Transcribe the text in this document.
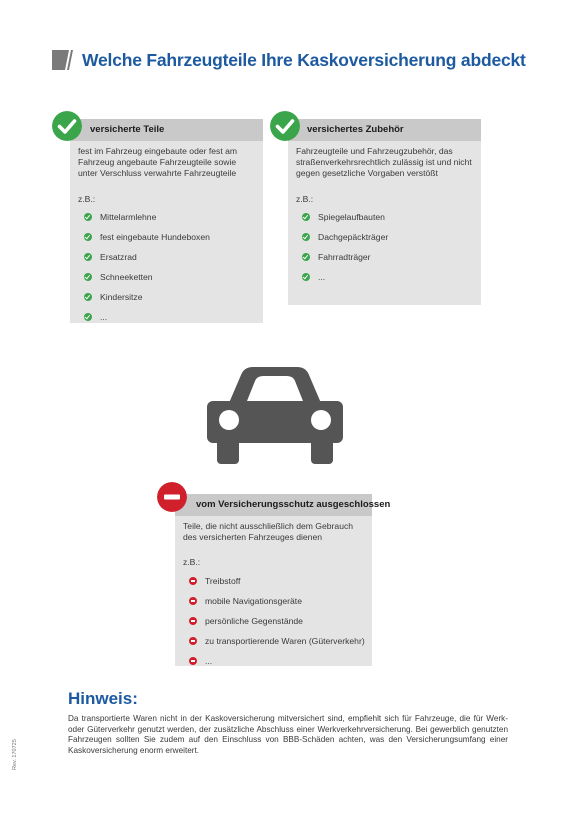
Welche Fahrzeugteile Ihre Kaskoversicherung abdeckt
versicherte Teile
fest im Fahrzeug eingebaute oder fest am Fahrzeug angebaute Fahrzeugteile sowie unter Verschluss verwahrte Fahrzeugteile
z.B.:
Mittelarmlehne
fest eingebaute Hundeboxen
Ersatzrad
Schneeketten
Kindersitze
...
versichertes Zubehör
Fahrzeugteile und Fahrzeugzubehör, das straßenverkehrsrechtlich zulässig ist und nicht gegen gesetzliche Vorgaben verstößt
z.B.:
Spiegelaufbauten
Dachgepäckträger
Fahrradträger
...
vom Versicherungsschutz ausgeschlossen
Teile, die nicht ausschließlich dem Gebrauch des versicherten Fahrzeuges dienen
z.B.:
Treibstoff
mobile Navigationsgeräte
persönliche Gegenstände
zu transportierende Waren (Güterverkehr)
...
Hinweis:
Da transportierte Waren nicht in der Kaskoversicherung mitversichert sind, empfiehlt sich für Fahrzeuge, die für Werk- oder Güterverkehr genutzt werden, der zusätzliche Abschluss einer Werkverkehrversicherung. Bei gewerblich genutzten Fahrzeugen sollten Sie zudem auf den Einschluss von BBB-Schäden achten, was den Versicherungsumfang einer Kaskoversicherung enorm erweitert.
Rev. 170725
